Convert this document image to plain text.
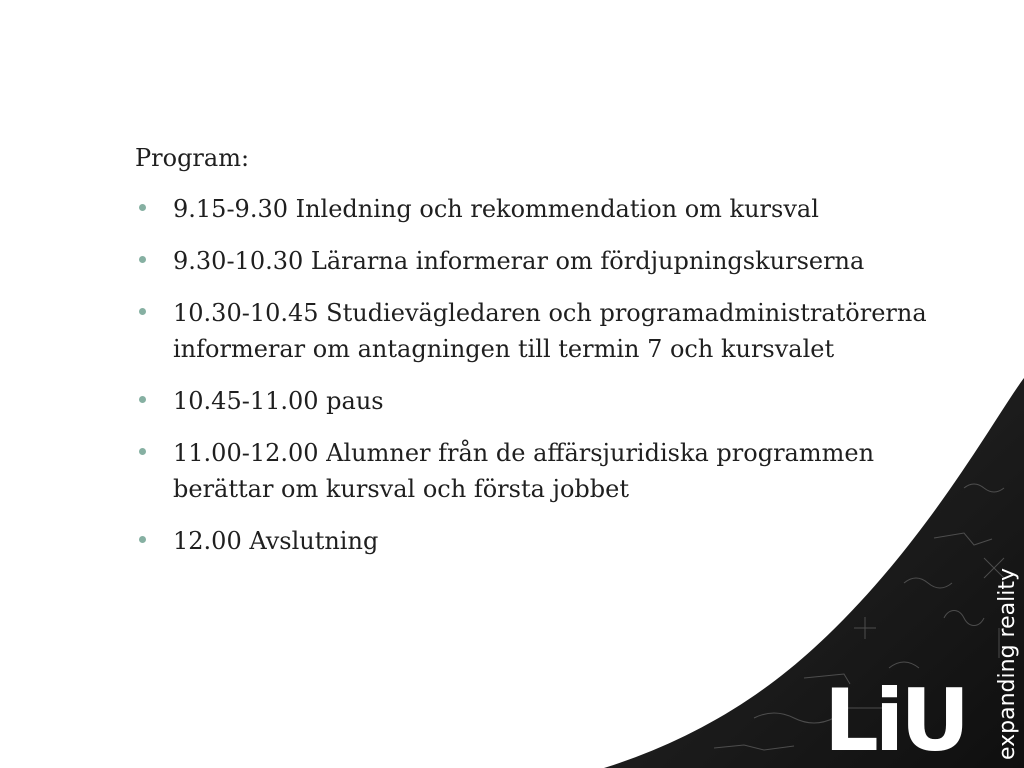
Program:

9.15-9.30 Inledning och rekommendation om kursval
9.30-10.30 Lärarna informerar om fördjupningskurserna
10.30-10.45 Studievägledaren och programadministratörerna informerar om antagningen till termin 7 och kursvalet
10.45-11.00 paus
11.00-12.00 Alumner från de affärsjuridiska programmen berättar om kursval och första jobbet
12.00 Avslutning
LiU expanding reality
